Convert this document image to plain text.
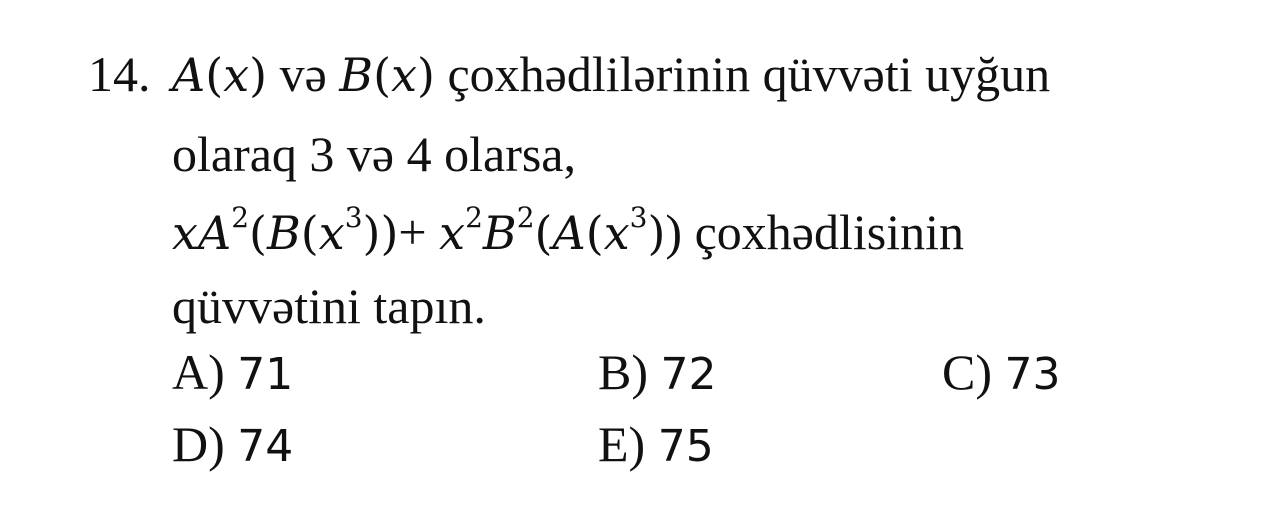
14. A(x) və B(x) çoxhədlilərinin qüvvəti uyğun
olaraq 3 və 4 olarsa,
$xA^2(B(x^3))+ x^2B^2(A(x^3))$ çoxhədlisinin
qüvvətini tapın.
A) 71	B) 72	C) 73
D) 74	E) 75
